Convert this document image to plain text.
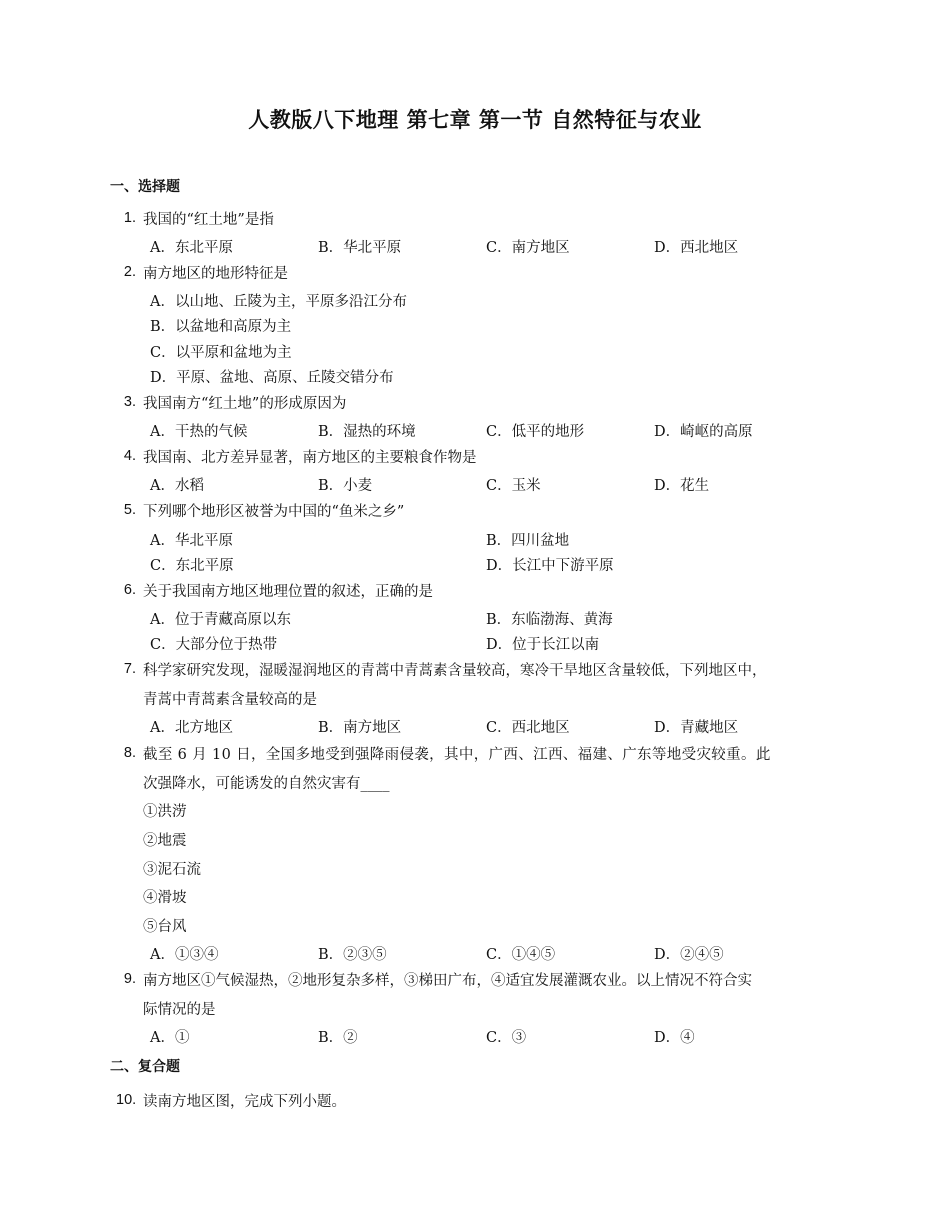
人教版八下地理 第七章 第一节 自然特征与农业
一、选择题
1. 我国的“红土地”是指
A．东北平原	B．华北平原	C．南方地区	D．西北地区
2. 南方地区的地形特征是
A．以山地、丘陵为主，平原多沿江分布
B．以盆地和高原为主
C．以平原和盆地为主
D．平原、盆地、高原、丘陵交错分布
3. 我国南方“红土地”的形成原因为
A．干热的气候	B．湿热的环境	C．低平的地形	D．崎岖的高原
4. 我国南、北方差异显著，南方地区的主要粮食作物是
A．水稻	B．小麦	C．玉米	D．花生
5. 下列哪个地形区被誉为中国的“鱼米之乡”
A．华北平原	B．四川盆地
C．东北平原	D．长江中下游平原
6. 关于我国南方地区地理位置的叙述，正确的是
A．位于青藏高原以东	B．东临渤海、黄海
C．大部分位于热带	D．位于长江以南
7. 科学家研究发现，湿暖湿润地区的青蒿中青蒿素含量较高，寒冷干旱地区含量较低，下列地区中，
青蒿中青蒿素含量较高的是
A．北方地区	B．南方地区	C．西北地区	D．青藏地区
8. 截至 6 月 10 日，全国多地受到强降雨侵袭，其中，广西、江西、福建、广东等地受灾较重。此
次强降水，可能诱发的自然灾害有____
①洪涝
②地震
③泥石流
④滑坡
⑤台风
A．①③④	B．②③⑤	C．①④⑤	D．②④⑤
9. 南方地区①气候湿热，②地形复杂多样，③梯田广布，④适宜发展灌溉农业。以上情况不符合实
际情况的是
A．①	B．②	C．③	D．④
二、复合题
10. 读南方地区图，完成下列小题。
